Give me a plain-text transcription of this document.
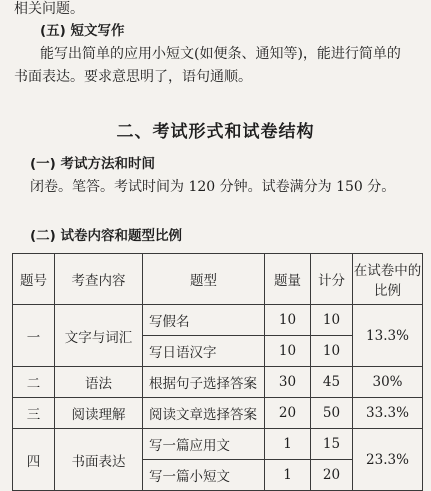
相关问题。
(五) 短文写作
能写出简单的应用小短文(如便条、通知等)，能进行简单的
书面表达。要求意思明了，语句通顺。
二、考试形式和试卷结构
(一) 考试方法和时间
闭卷。笔答。考试时间为 120 分钟。试卷满分为 150 分。
(二) 试卷内容和题型比例
题号	考查内容	题型	题量	计分	在试卷中的比例
一	文字与词汇	写假名	10	10	13.3%
		写日语汉字	10	10	
二	语法	根据句子选择答案	30	45	30%
三	阅读理解	阅读文章选择答案	20	50	33.3%
四	书面表达	写一篇应用文	1	15	23.3%
		写一篇小短文	1	20	
